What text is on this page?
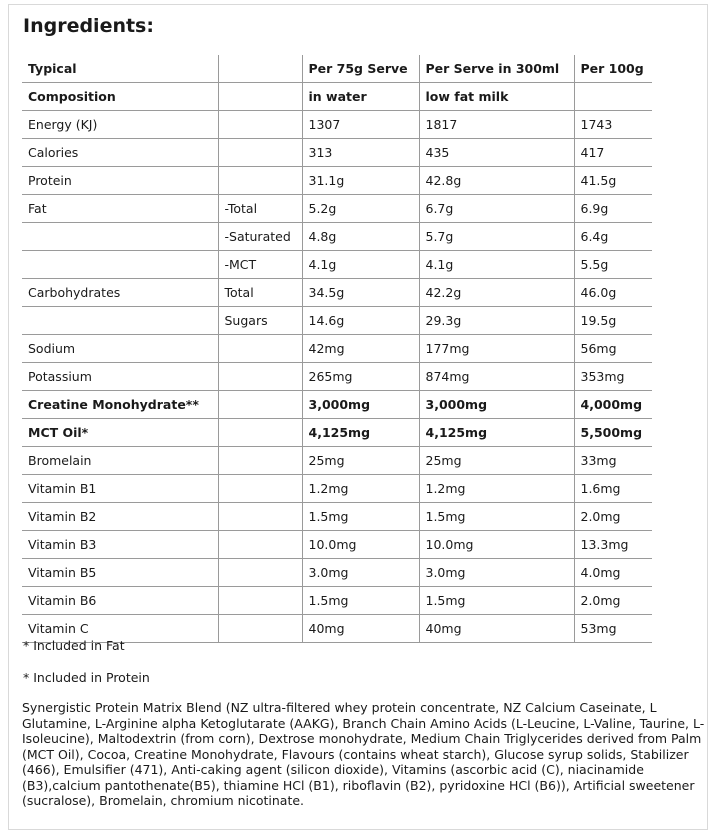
Ingredients:
Typical		Per 75g Serve	Per Serve in 300ml	Per 100g
Composition		in water	low fat milk	
Energy (KJ)		1307	1817	1743
Calories		313	435	417
Protein		31.1g	42.8g	41.5g
Fat	-Total	5.2g	6.7g	6.9g
	-Saturated	4.8g	5.7g	6.4g
	-MCT	4.1g	4.1g	5.5g
Carbohydrates	Total	34.5g	42.2g	46.0g
	Sugars	14.6g	29.3g	19.5g
Sodium		42mg	177mg	56mg
Potassium		265mg	874mg	353mg
Creatine Monohydrate**		3,000mg	3,000mg	4,000mg
MCT Oil*		4,125mg	4,125mg	5,500mg
Bromelain		25mg	25mg	33mg
Vitamin B1		1.2mg	1.2mg	1.6mg
Vitamin B2		1.5mg	1.5mg	2.0mg
Vitamin B3		10.0mg	10.0mg	13.3mg
Vitamin B5		3.0mg	3.0mg	4.0mg
Vitamin B6		1.5mg	1.5mg	2.0mg
Vitamin C		40mg	40mg	53mg

* Included in Fat

* Included in Protein

Synergistic Protein Matrix Blend (NZ ultra-filtered whey protein concentrate, NZ Calcium Caseinate, L Glutamine, L-Arginine alpha Ketoglutarate (AAKG), Branch Chain Amino Acids (L-Leucine, L-Valine, Taurine, L-Isoleucine), Maltodextrin (from corn), Dextrose monohydrate, Medium Chain Triglycerides derived from Palm (MCT Oil), Cocoa, Creatine Monohydrate, Flavours (contains wheat starch), Glucose syrup solids, Stabilizer (466), Emulsifier (471), Anti-caking agent (silicon dioxide), Vitamins (ascorbic acid (C), niacinamide (B3),calcium pantothenate(B5), thiamine HCl (B1), riboflavin (B2), pyridoxine HCl (B6)), Artificial sweetener (sucralose), Bromelain, chromium nicotinate.
